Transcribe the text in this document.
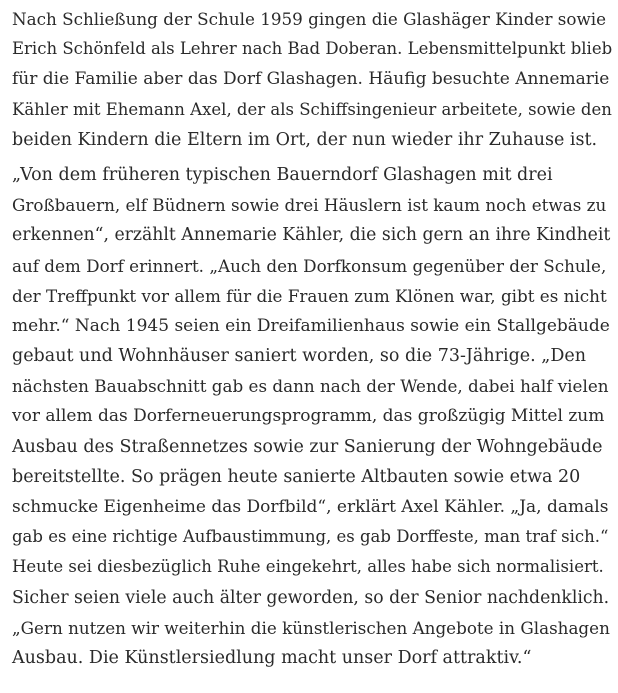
Nach Schließung der Schule 1959 gingen die Glashäger Kinder sowie
Erich Schönfeld als Lehrer nach Bad Doberan. Lebensmittelpunkt blieb
für die Familie aber das Dorf Glashagen. Häufig besuchte Annemarie
Kähler mit Ehemann Axel, der als Schiffsingenieur arbeitete, sowie den
beiden Kindern die Eltern im Ort, der nun wieder ihr Zuhause ist.

„Von dem früheren typischen Bauerndorf Glashagen mit drei
Großbauern, elf Büdnern sowie drei Häuslern ist kaum noch etwas zu
erkennen“, erzählt Annemarie Kähler, die sich gern an ihre Kindheit
auf dem Dorf erinnert. „Auch den Dorfkonsum gegenüber der Schule,
der Treffpunkt vor allem für die Frauen zum Klönen war, gibt es nicht
mehr.“ Nach 1945 seien ein Dreifamilienhaus sowie ein Stallgebäude
gebaut und Wohnhäuser saniert worden, so die 73-Jährige. „Den
nächsten Bauabschnitt gab es dann nach der Wende, dabei half vielen
vor allem das Dorferneuerungsprogramm, das großzügig Mittel zum
Ausbau des Straßennetzes sowie zur Sanierung der Wohngebäude
bereitstellte. So prägen heute sanierte Altbauten sowie etwa 20
schmucke Eigenheime das Dorfbild“, erklärt Axel Kähler. „Ja, damals
gab es eine richtige Aufbaustimmung, es gab Dorffeste, man traf sich.“
Heute sei diesbezüglich Ruhe eingekehrt, alles habe sich normalisiert.
Sicher seien viele auch älter geworden, so der Senior nachdenklich.
„Gern nutzen wir weiterhin die künstlerischen Angebote in Glashagen
Ausbau. Die Künstlersiedlung macht unser Dorf attraktiv.“
